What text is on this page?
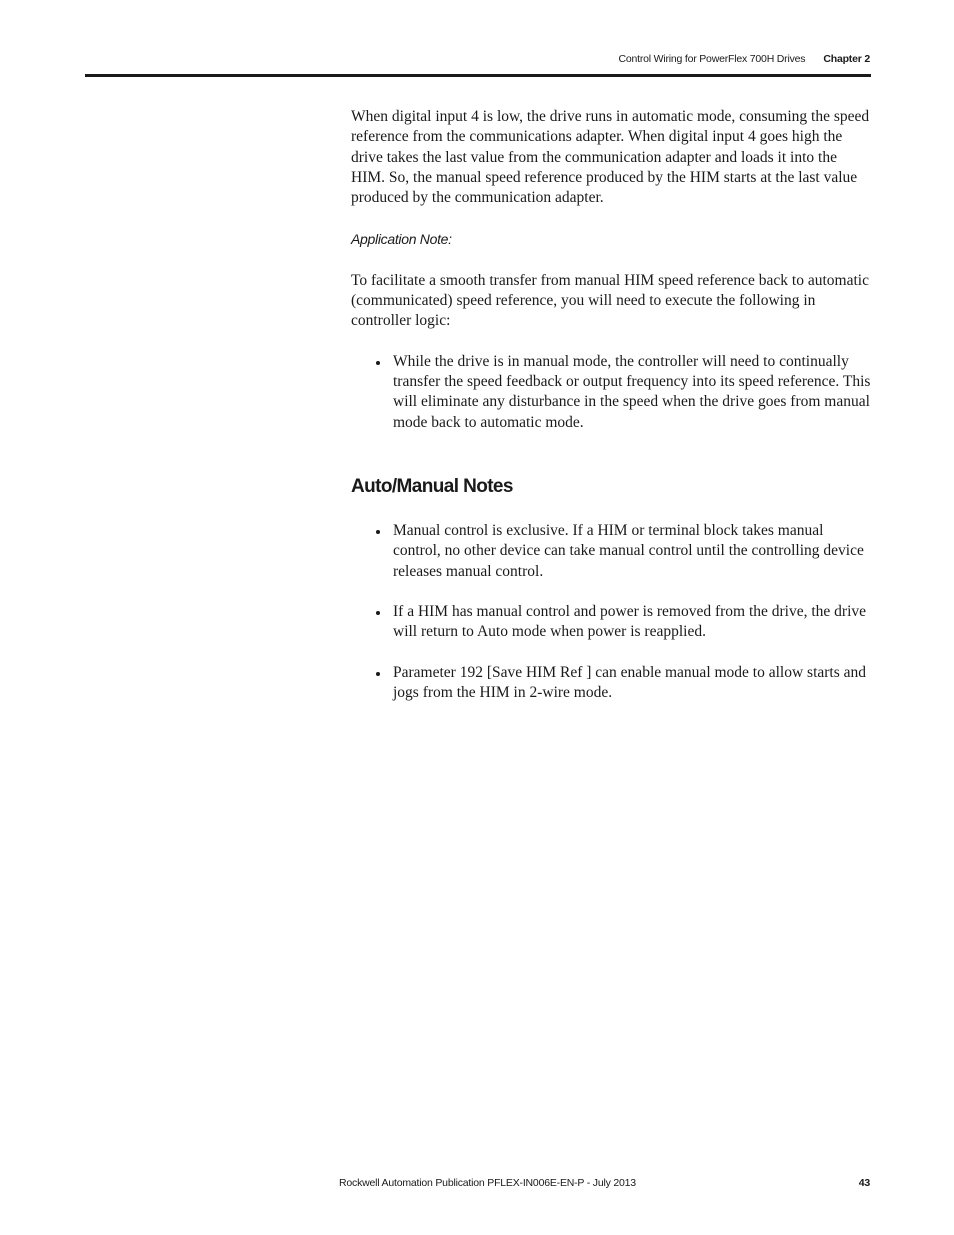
Control Wiring for PowerFlex 700H Drives Chapter 2

When digital input 4 is low, the drive runs in automatic mode, consuming the speed reference from the communications adapter. When digital input 4 goes high the drive takes the last value from the communication adapter and loads it into the HIM. So, the manual speed reference produced by the HIM starts at the last value produced by the communication adapter.

Application Note:

To facilitate a smooth transfer from manual HIM speed reference back to automatic (communicated) speed reference, you will need to execute the following in controller logic:

While the drive is in manual mode, the controller will need to continually transfer the speed feedback or output frequency into its speed reference. This will eliminate any disturbance in the speed when the drive goes from manual mode back to automatic mode.
Auto/Manual Notes
Manual control is exclusive. If a HIM or terminal block takes manual control, no other device can take manual control until the controlling device releases manual control.
If a HIM has manual control and power is removed from the drive, the drive will return to Auto mode when power is reapplied.
Parameter 192 [Save HIM Ref ] can enable manual mode to allow starts and jogs from the HIM in 2-wire mode.
Rockwell Automation Publication PFLEX-IN006E-EN-P - July 2013	43
